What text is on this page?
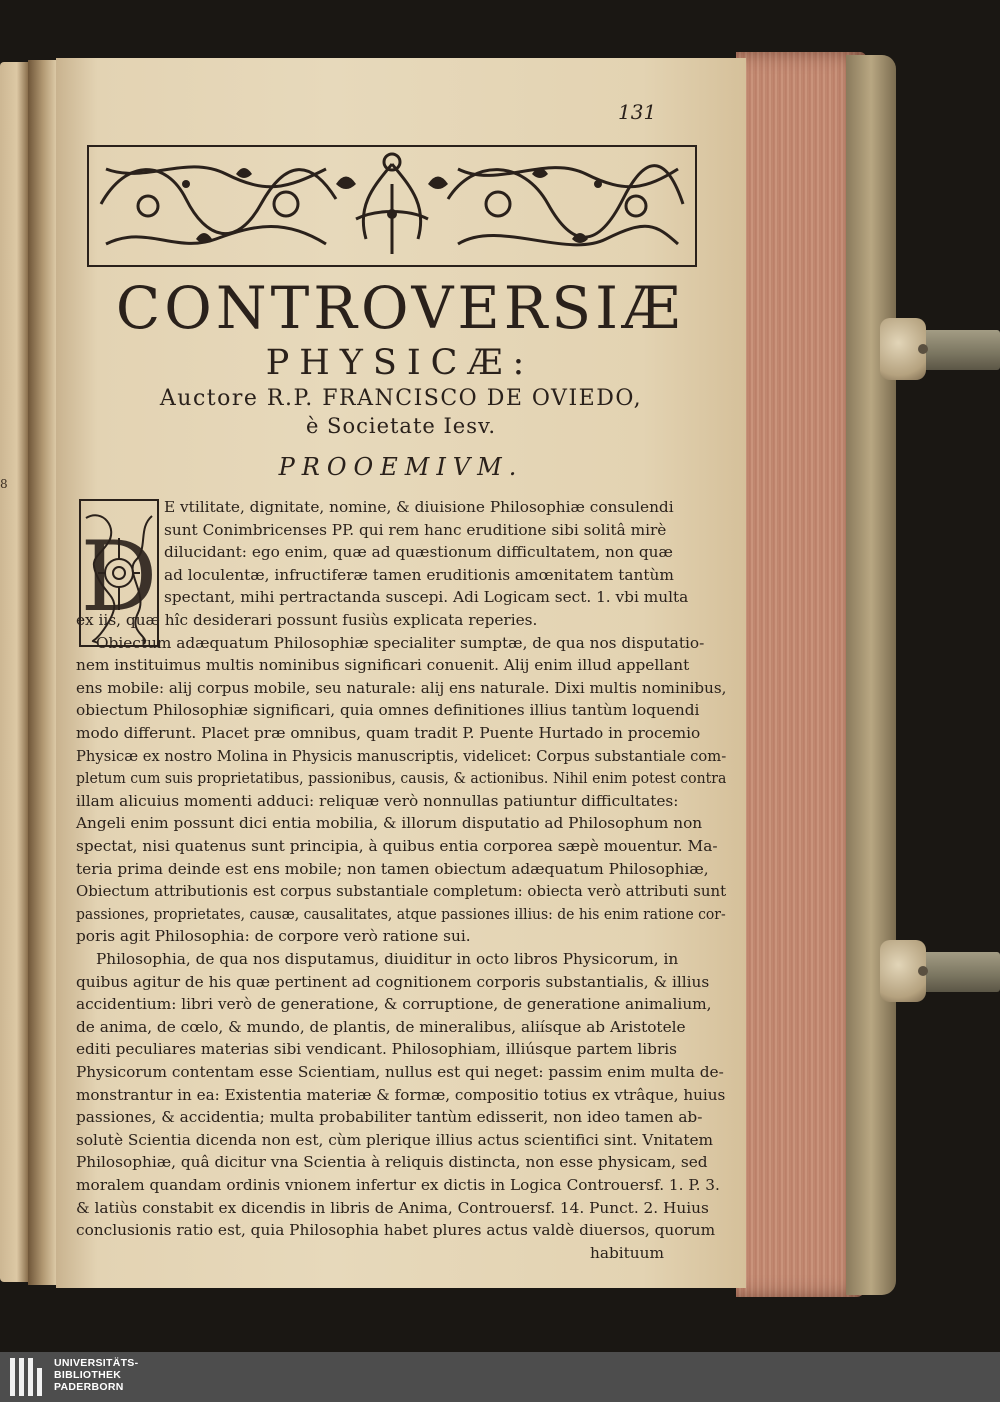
8
131
CONTROVERSIÆ
PHYSICÆ:
Auctore R.P. FRANCISCO DE OVIEDO,
è Societate Iesv.
PROOEMIVM.
D
E vtilitate, dignitate, nomine, & diuisione Philosophiæ consulendi
sunt Conimbricenses PP. qui rem hanc eruditione sibi solitâ mirè
dilucidant: ego enim, quæ ad quæstionum difficultatem, non quæ
ad loculentæ, infructiferæ tamen eruditionis amœnitatem tantùm
spectant, mihi pertractanda suscepi. Adi Logicam sect. 1. vbi multa
ex iis, quæ hîc desiderari possunt fusiùs explicata reperies.
Obiectum adæquatum Philosophiæ specialiter sumptæ, de qua nos disputatio-
nem instituimus multis nominibus significari conuenit. Alij enim illud appellant
ens mobile: alij corpus mobile, seu naturale: alij ens naturale. Dixi multis nominibus,
obiectum Philosophiæ significari, quia omnes definitiones illius tantùm loquendi
modo differunt. Placet præ omnibus, quam tradit P. Puente Hurtado in procemio
Physicæ ex nostro Molina in Physicis manuscriptis, videlicet: Corpus substantiale com-
pletum cum suis proprietatibus, passionibus, causis, & actionibus. Nihil enim potest contra
illam alicuius momenti adduci: reliquæ verò nonnullas patiuntur difficultates:
Angeli enim possunt dici entia mobilia, & illorum disputatio ad Philosophum non
spectat, nisi quatenus sunt principia, à quibus entia corporea sæpè mouentur. Ma-
teria prima deinde est ens mobile; non tamen obiectum adæquatum Philosophiæ,
Obiectum attributionis est corpus substantiale completum: obiecta verò attributi sunt
passiones, proprietates, causæ, causalitates, atque passiones illius: de his enim ratione cor-
poris agit Philosophia: de corpore verò ratione sui.
Philosophia, de qua nos disputamus, diuiditur in octo libros Physicorum, in
quibus agitur de his quæ pertinent ad cognitionem corporis substantialis, & illius
accidentium: libri verò de generatione, & corruptione, de generatione animalium,
de anima, de cœlo, & mundo, de plantis, de mineralibus, aliísque ab Aristotele
editi peculiares materias sibi vendicant. Philosophiam, illiúsque partem libris
Physicorum contentam esse Scientiam, nullus est qui neget: passim enim multa de-
monstrantur in ea: Existentia materiæ & formæ, compositio totius ex vtrâque, huius
passiones, & accidentia; multa probabiliter tantùm edisserit, non ideo tamen ab-
solutè Scientia dicenda non est, cùm plerique illius actus scientifici sint. Vnitatem
Philosophiæ, quâ dicitur vna Scientia à reliquis distincta, non esse physicam, sed
moralem quandam ordinis vnionem infertur ex dictis in Logica Controuersf. 1. P. 3.
& latiùs constabit ex dicendis in libris de Anima, Controuersf. 14. Punct. 2. Huius
conclusionis ratio est, quia Philosophia habet plures actus valdè diuersos, quorum
habituum
UNIVERSITÄTS-
BIBLIOTHEK
PADERBORN
